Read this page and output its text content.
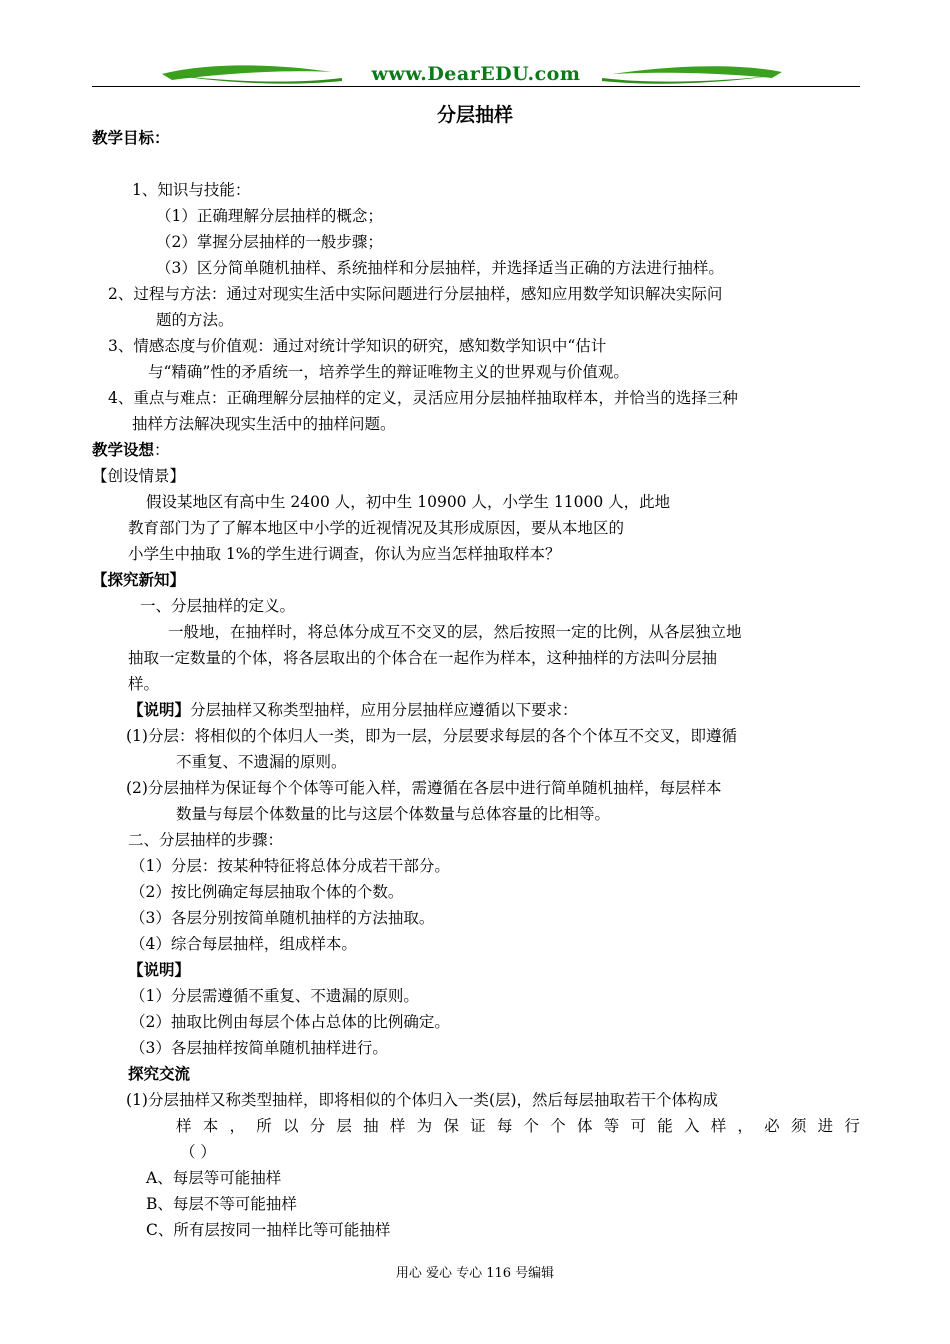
www.DearEDU.com
分层抽样
教学目标：
1、知识与技能：
（1）正确理解分层抽样的概念；
（2）掌握分层抽样的一般步骤；
（3）区分简单随机抽样、系统抽样和分层抽样，并选择适当正确的方法进行抽样。
2、过程与方法：通过对现实生活中实际问题进行分层抽样，感知应用数学知识解决实际问
题的方法。
3、情感态度与价值观：通过对统计学知识的研究，感知数学知识中“估计
与“精确”性的矛盾统一，培养学生的辩证唯物主义的世界观与价值观。
4、重点与难点：正确理解分层抽样的定义，灵活应用分层抽样抽取样本，并恰当的选择三种
抽样方法解决现实生活中的抽样问题。
教学设想：
【创设情景】
假设某地区有高中生 2400 人，初中生 10900 人，小学生 11000 人，此地
教育部门为了了解本地区中小学的近视情况及其形成原因，要从本地区的
小学生中抽取 1%的学生进行调查，你认为应当怎样抽取样本？
【探究新知】
一、分层抽样的定义。
一般地，在抽样时，将总体分成互不交叉的层，然后按照一定的比例，从各层独立地
抽取一定数量的个体，将各层取出的个体合在一起作为样本，这种抽样的方法叫分层抽
样。
【说明】分层抽样又称类型抽样，应用分层抽样应遵循以下要求：
(1)分层：将相似的个体归人一类，即为一层，分层要求每层的各个个体互不交叉，即遵循
不重复、不遗漏的原则。
(2)分层抽样为保证每个个体等可能入样，需遵循在各层中进行简单随机抽样，每层样本
数量与每层个体数量的比与这层个体数量与总体容量的比相等。
二、分层抽样的步骤：
（1）分层：按某种特征将总体分成若干部分。
（2）按比例确定每层抽取个体的个数。
（3）各层分别按简单随机抽样的方法抽取。
（4）综合每层抽样，组成样本。
【说明】
（1）分层需遵循不重复、不遗漏的原则。
（2）抽取比例由每层个体占总体的比例确定。
（3）各层抽样按简单随机抽样进行。
探究交流
(1)分层抽样又称类型抽样，即将相似的个体归入一类(层)，然后每层抽取若干个体构成
样 本 ， 所 以 分 层 抽 样 为 保 证 每 个 个 体 等 可 能 入 样 ， 必 须 进 行
（ ）
A、每层等可能抽样
B、每层不等可能抽样
C、所有层按同一抽样比等可能抽样
用心 爱心 专心 116 号编辑
